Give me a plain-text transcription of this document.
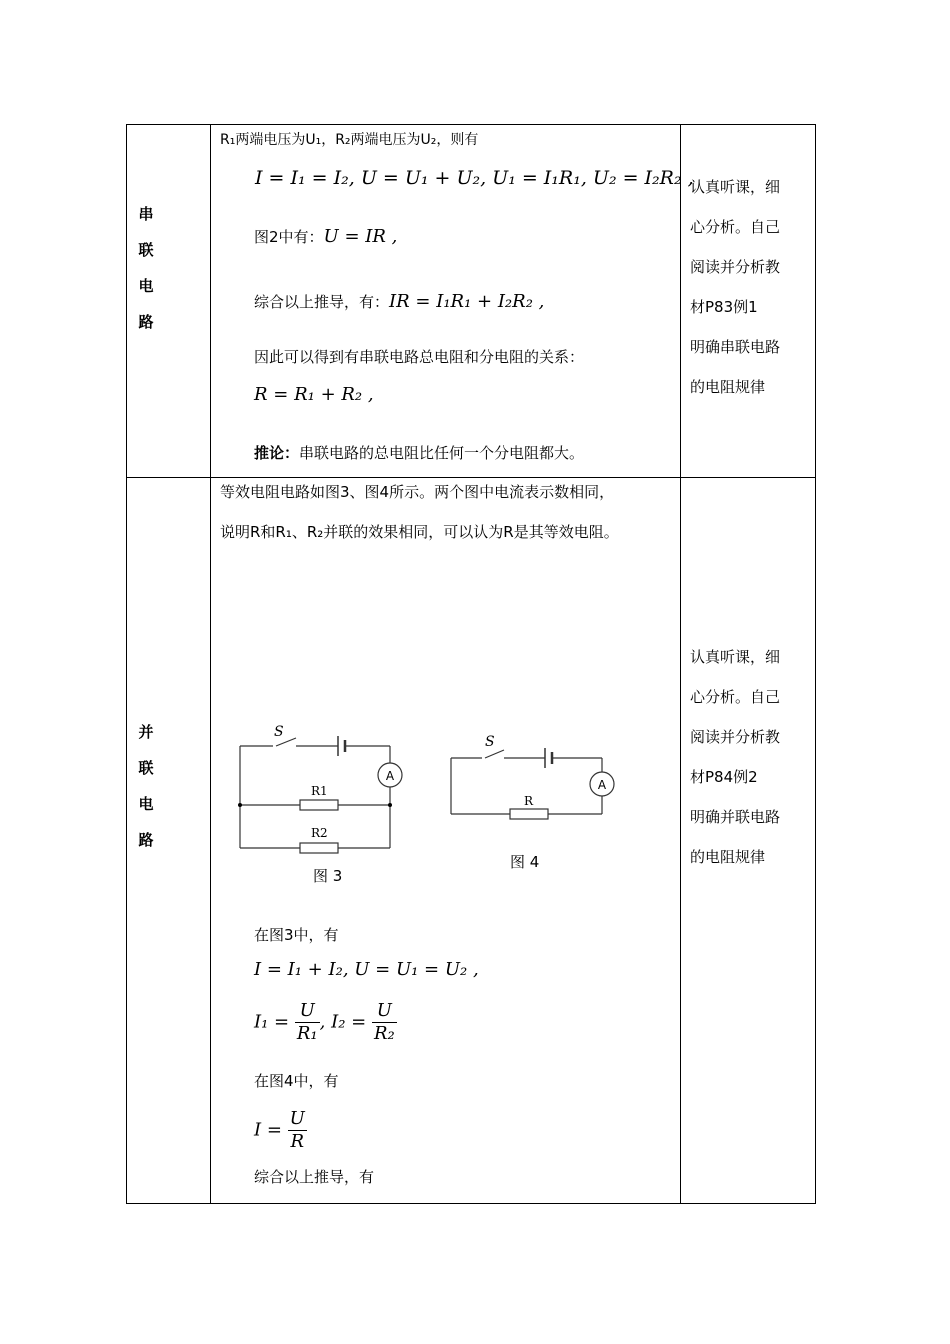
串
联
电
路
R₁两端电压为U₁，R₂两端电压为U₂，则有
I = I₁ = I₂, U = U₁ + U₂, U₁ = I₁R₁, U₂ = I₂R₂ ,
图2中有：U = IR ,
综合以上推导，有：IR = I₁R₁ + I₂R₂ ,
因此可以得到有串联电路总电阻和分电阻的关系：
R = R₁ + R₂ ,
推论：串联电路的总电阻比任何一个分电阻都大。
认真听课，细
心分析。自己
阅读并分析教
材P83例1
明确串联电路
的电阻规律
并
联
电
路
等效电阻电路如图3、图4所示。两个图中电流表示数相同，
说明R和R₁、R₂并联的效果相同，可以认为R是其等效电阻。
S
A
R1
R2
图 3
S
A
R
图 4
在图3中，有
I = I₁ + I₂, U = U₁ = U₂ ,
$I_1 = \frac{U}{\text{R₁}}$ , $I_2 = \frac{U}{\text{R₂}}$
在图4中，有
$I = \frac{U}{R}$
综合以上推导，有
认真听课，细
心分析。自己
阅读并分析教
材P84例2
明确并联电路
的电阻规律
